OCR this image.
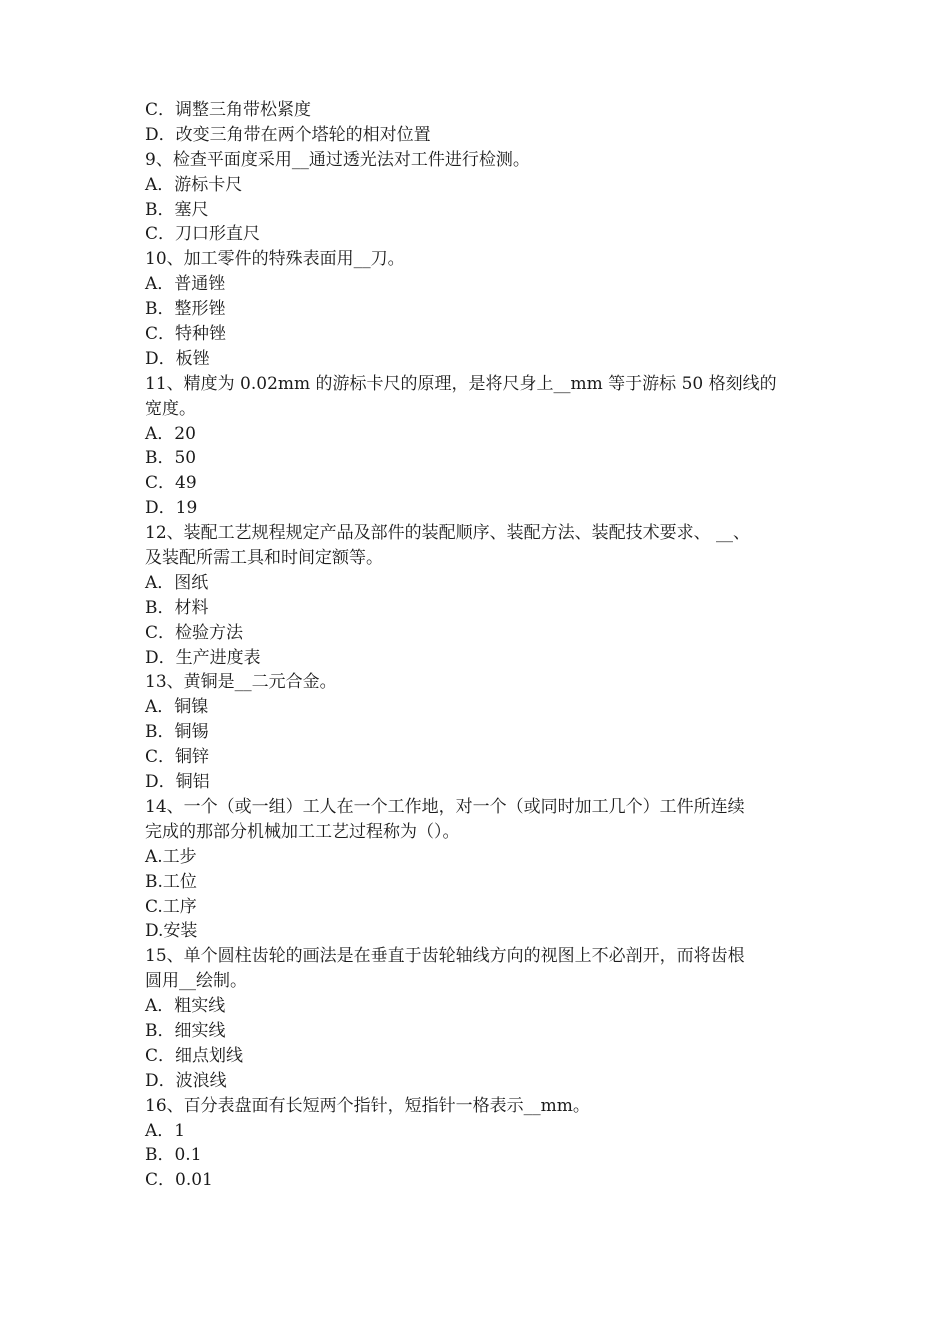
C．调整三角带松紧度
D．改变三角带在两个塔轮的相对位置
9、检查平面度采用__通过透光法对工件进行检测。
A．游标卡尺
B．塞尺
C．刀口形直尺
10、加工零件的特殊表面用__刀。
A．普通锉
B．整形锉
C．特种锉
D．板锉
11、精度为 0.02mm 的游标卡尺的原理，是将尺身上__mm 等于游标 50 格刻线的
宽度。
A．20
B．50
C．49
D．19
12、装配工艺规程规定产品及部件的装配顺序、装配方法、装配技术要求、 __、
及装配所需工具和时间定额等。
A．图纸
B．材料
C．检验方法
D．生产进度表
13、黄铜是__二元合金。
A．铜镍
B．铜锡
C．铜锌
D．铜铝
14、一个（或一组）工人在一个工作地，对一个（或同时加工几个）工件所连续
完成的那部分机械加工工艺过程称为（）。
A.工步
B.工位
C.工序
D.安装
15、单个圆柱齿轮的画法是在垂直于齿轮轴线方向的视图上不必剖开，而将齿根
圆用__绘制。
A．粗实线
B．细实线
C．细点划线
D．波浪线
16、百分表盘面有长短两个指针，短指针一格表示__mm。
A．1
B．0.1
C．0.01
